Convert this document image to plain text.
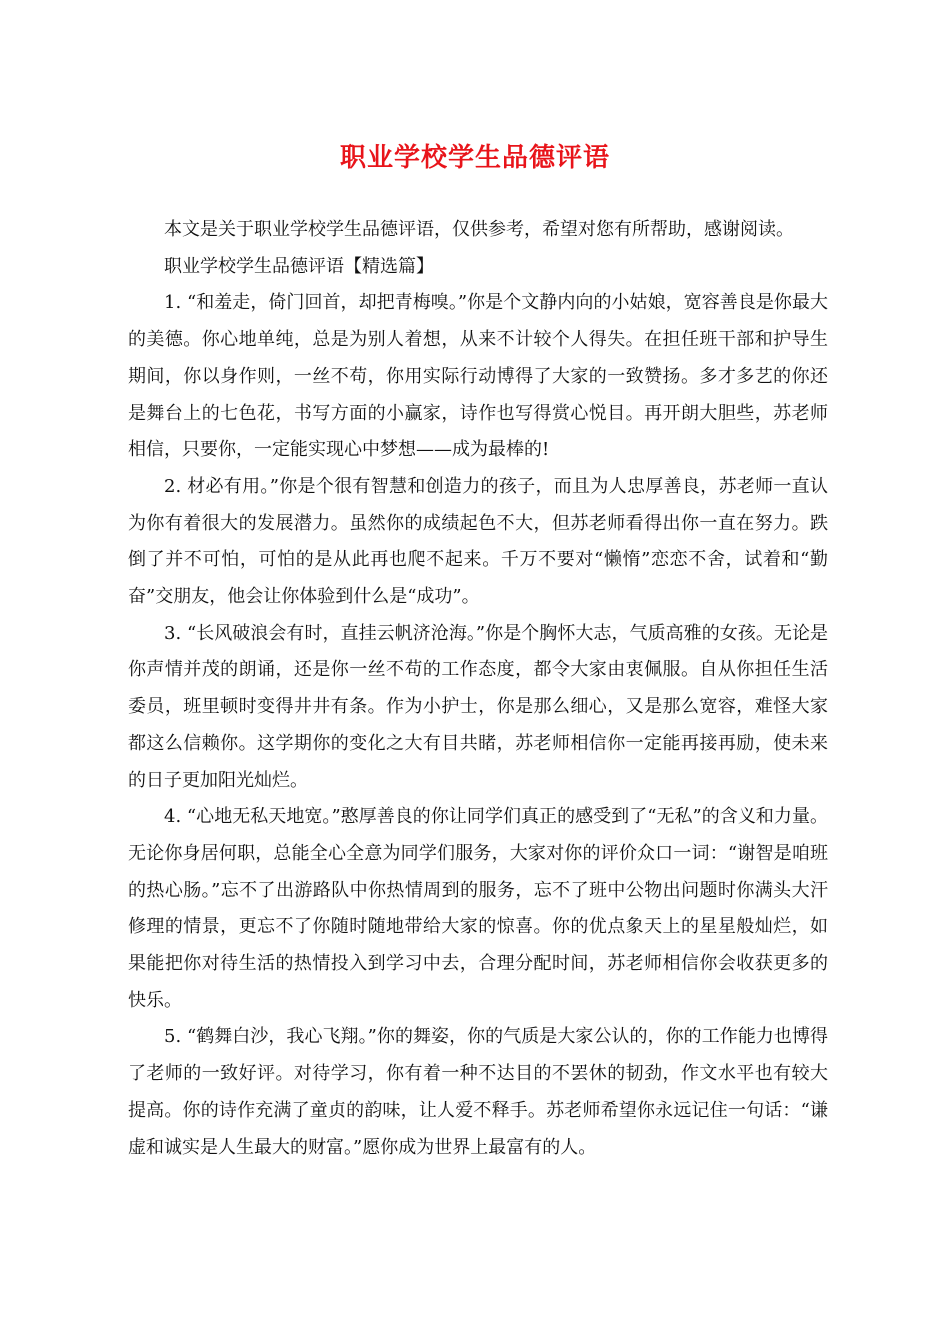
职业学校学生品德评语

本文是关于职业学校学生品德评语，仅供参考，希望对您有所帮助，感谢阅读。

职业学校学生品德评语【精选篇】

1. “和羞走，倚门回首，却把青梅嗅。”你是个文静内向的小姑娘，宽容善良是你最大的美德。你心地单纯，总是为别人着想，从来不计较个人得失。在担任班干部和护导生期间，你以身作则，一丝不苟，你用实际行动博得了大家的一致赞扬。多才多艺的你还是舞台上的七色花，书写方面的小赢家，诗作也写得赏心悦目。再开朗大胆些，苏老师相信，只要你，一定能实现心中梦想——成为最棒的!

2. 材必有用。”你是个很有智慧和创造力的孩子，而且为人忠厚善良，苏老师一直认为你有着很大的发展潜力。虽然你的成绩起色不大，但苏老师看得出你一直在努力。跌倒了并不可怕，可怕的是从此再也爬不起来。千万不要对“懒惰”恋恋不舍，试着和“勤奋”交朋友，他会让你体验到什么是“成功”。

3. “长风破浪会有时，直挂云帆济沧海。”你是个胸怀大志，气质高雅的女孩。无论是你声情并茂的朗诵，还是你一丝不苟的工作态度，都令大家由衷佩服。自从你担任生活委员，班里顿时变得井井有条。作为小护士，你是那么细心，又是那么宽容，难怪大家都这么信赖你。这学期你的变化之大有目共睹，苏老师相信你一定能再接再励，使未来的日子更加阳光灿烂。

4. “心地无私天地宽。”憨厚善良的你让同学们真正的感受到了“无私”的含义和力量。无论你身居何职，总能全心全意为同学们服务，大家对你的评价众口一词：“谢智是咱班的热心肠。”忘不了出游路队中你热情周到的服务，忘不了班中公物出问题时你满头大汗修理的情景，更忘不了你随时随地带给大家的惊喜。你的优点象天上的星星般灿烂，如果能把你对待生活的热情投入到学习中去，合理分配时间，苏老师相信你会收获更多的快乐。

5. “鹤舞白沙，我心飞翔。”你的舞姿，你的气质是大家公认的，你的工作能力也博得了老师的一致好评。对待学习，你有着一种不达目的不罢休的韧劲，作文水平也有较大提高。你的诗作充满了童贞的韵味，让人爱不释手。苏老师希望你永远记住一句话：“谦虚和诚实是人生最大的财富。”愿你成为世界上最富有的人。
